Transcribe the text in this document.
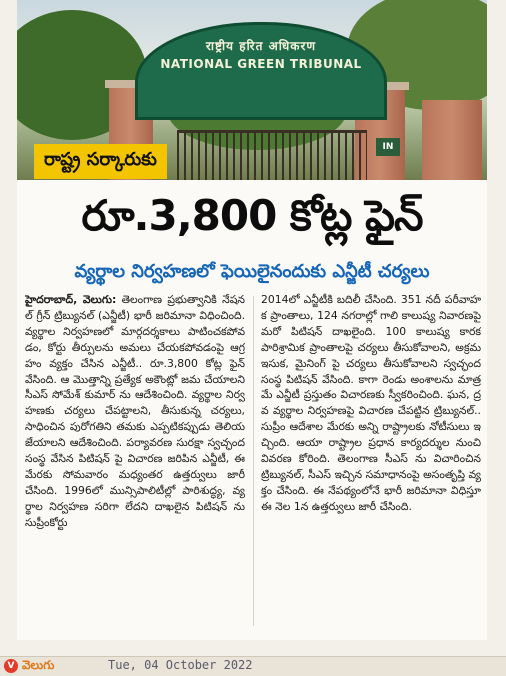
राष्ट्रीय हरित अधिकरण
NATIONAL GREEN TRIBUNAL
IN
రాష్ట్ర సర్కారుకు
రూ.3,800 కోట్ల ఫైన్
వ్యర్థాల నిర్వహణలో ఫెయిలైనందుకు ఎన్జీటీ చర్యలు

హైదరాబాద్, వెలుగు: తెలంగాణ ప్రభుత్వానికి నేషనల్ గ్రీన్ ట్రిబ్యునల్ (ఎన్జీటీ) భారీ జరిమానా విధించింది. వ్యర్థాల నిర్వహణలో మార్గదర్శకాలు పాటించకపోవడం, కోర్టు తీర్పులను అమలు చేయకపోవడంపై ఆగ్రహం వ్యక్తం చేసిన ఎన్జీటీ.. రూ.3,800 కోట్ల ఫైన్ వేసింది. ఆ మొత్తాన్ని ప్రత్యేక అకౌంట్లో జమ చేయాలని సీఎస్ సోమేశ్ కుమార్ ను ఆదేశించింది. వ్యర్థాల నిర్వహణకు చర్యలు చేపట్టాలని, తీసుకున్న చర్యలు, సాధించిన పురోగతిని తమకు ఎప్పటికప్పుడు తెలియజేయాలని ఆదేశించింది. పర్యావరణ సురక్షా స్వచ్ఛంద సంస్థ వేసిన పిటిషన్ పై విచారణ జరిపిన ఎన్జీటీ, ఈ మేరకు సోమవారం మధ్యంతర ఉత్తర్వులు జారీ చేసింది. 1996లో మున్సిపాలిటీల్లో పారిశుద్ధ్య, వ్యర్థాల నిర్వహణ సరిగా లేదని దాఖలైన పిటిషన్ ను సుప్రీంకోర్టు

2014లో ఎన్జీటీకి బదిలీ చేసింది. 351 నదీ పరీవాహక ప్రాంతాలు, 124 నగరాల్లో గాలి కాలుష్య నివారణపై మరో పిటిషన్ దాఖలైంది. 100 కాలుష్య కారక పారిశ్రామిక ప్రాంతాలపై చర్యలు తీసుకోవాలని, అక్రమ ఇసుక, మైనింగ్ పై చర్యలు తీసుకోవాలని స్వచ్ఛంద సంస్థ పిటిషన్ వేసింది. కాగా రెండు అంశాలను మాత్రమే ఎన్జీటీ ప్రస్తుతం విచారణకు స్వీకరించింది. ఘన, ద్రవ వ్యర్థాల నిర్వహణపై విచారణ చేపట్టిన ట్రిబ్యునల్.. సుప్రీం ఆదేశాల మేరకు అన్ని రాష్ట్రాలకు నోటీసులు ఇచ్చింది. ఆయా రాష్ట్రాల ప్రధాన కార్యదర్శుల నుంచి వివరణ కోరింది. తెలంగాణ సీఎస్ ను విచారించిన ట్రిబ్యునల్, సీఎస్ ఇచ్చిన సమాధానంపై అసంతృప్తి వ్యక్తం చేసింది. ఈ నేపథ్యంలోనే భారీ జరిమానా విధిస్తూ ఈ నెల 1న ఉత్తర్వులు జారీ చేసింది.

V వెలుగు	Tue, 04 October 2022
